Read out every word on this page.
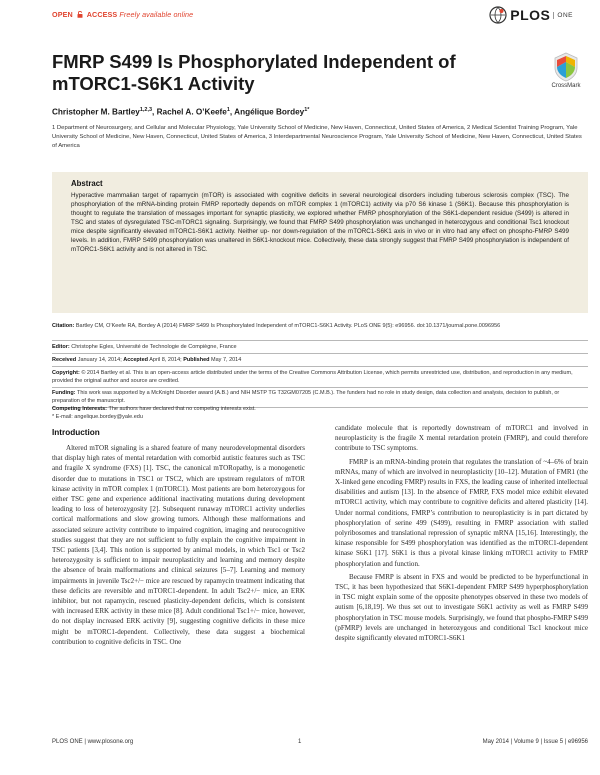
OPEN ACCESS Freely available online	PLOS	ONE
FMRP S499 Is Phosphorylated Independent of mTORC1-S6K1 Activity	CrossMark
Christopher M. Bartley$^{1,2,3}$, Rachel A. O’Keefe$^1$, Angélique Bordey$^{1*}$
1 Department of Neurosurgery, and Cellular and Molecular Physiology, Yale University School of Medicine, New Haven, Connecticut, United States of America, 2 Medical Scientist Training Program, Yale University School of Medicine, New Haven, Connecticut, United States of America, 3 Interdepartmental Neuroscience Program, Yale University School of Medicine, New Haven, Connecticut, United States of America
Abstract
Hyperactive mammalian target of rapamycin (mTOR) is associated with cognitive deficits in several neurological disorders including tuberous sclerosis complex (TSC). The phosphorylation of the mRNA-binding protein FMRP reportedly depends on mTOR complex 1 (mTORC1) activity via p70 S6 kinase 1 (S6K1). Because this phosphorylation is thought to regulate the translation of messages important for synaptic plasticity, we explored whether FMRP phosphorylation of the S6K1-dependent residue (S499) is altered in TSC and states of dysregulated TSC-mTORC1 signaling. Surprisingly, we found that FMRP S499 phosphorylation was unchanged in heterozygous and conditional Tsc1 knockout mice despite significantly elevated mTORC1-S6K1 activity. Neither up- nor down-regulation of the mTORC1-S6K1 axis in vivo or in vitro had any effect on phospho-FMRP S499 levels. In addition, FMRP S499 phosphorylation was unaltered in S6K1-knockout mice. Collectively, these data strongly suggest that FMRP S499 phosphorylation is independent of mTORC1-S6K1 activity and is not altered in TSC.
Citation: Bartley CM, O’Keefe RA, Bordey A (2014) FMRP S499 Is Phosphorylated Independent of mTORC1-S6K1 Activity. PLoS ONE 9(5): e96956. doi:10.1371/journal.pone.0096956
Editor: Christophe Egles, Université de Technologie de Compiègne, France
Received January 14, 2014; Accepted April 8, 2014; Published May 7, 2014
Copyright: © 2014 Bartley et al. This is an open-access article distributed under the terms of the Creative Commons Attribution License, which permits unrestricted use, distribution, and reproduction in any medium, provided the original author and source are credited.
Funding: This work was supported by a McKnight Disorder award (A.B.) and NIH MSTP TG T32GM07205 (C.M.B.). The funders had no role in study design, data collection and analysis, decision to publish, or preparation of the manuscript.
Competing Interests: The authors have declared that no competing interests exist.
* E-mail: angelique.bordey@yale.edu
Introduction

Altered mTOR signaling is a shared feature of many neurodevelopmental disorders that display high rates of mental retardation with comorbid autistic features such as TSC and fragile X syndrome (FXS) [1]. TSC, the canonical mTORopathy, is a monogenetic disorder due to mutations in TSC1 or TSC2, which are upstream regulators of mTOR kinase activity in mTOR complex 1 (mTORC1). Most patients are born heterozygous for either TSC gene and experience additional inactivating mutations during development leading to loss of heterozygosity [2]. Subsequent runaway mTORC1 activity underlies cortical malformations and slow growing tumors. Although these malformations and associated seizure activity contribute to impaired cognition, imaging and neurocognitive studies suggest that they are not sufficient to fully explain the cognitive impairment in TSC patients [3,4]. This notion is supported by animal models, in which Tsc1 or Tsc2 heterozygosity is sufficient to impair neuroplasticity and learning and memory despite the absence of brain malformations and clinical seizures [5–7]. Learning and memory impairments in juvenile Tsc2+/− mice are rescued by rapamycin treatment indicating that these deficits are reversible and mTORC1-dependent. In adult Tsc2+/− mice, an ERK inhibitor, but not rapamycin, rescued plasticity-dependent deficits, which is consistent with increased ERK activity in these mice [8]. Adult conditional Tsc1+/− mice, however, do not display increased ERK activity [9], suggesting cognitive deficits in these mice might be mTORC1-dependent. Collectively, these data suggest a biochemical contribution to cognitive deficits in TSC. One

candidate molecule that is reportedly downstream of mTORC1 and involved in neuroplasticity is the fragile X mental retardation protein (FMRP), and could therefore contribute to TSC symptoms.

FMRP is an mRNA-binding protein that regulates the translation of ~4–6% of brain mRNAs, many of which are involved in neuroplasticity [10–12]. Mutation of FMR1 (the X-linked gene encoding FMRP) results in FXS, the leading cause of inherited intellectual disabilities and autism [13]. In the absence of FMRP, FXS model mice exhibit elevated mTORC1 activity, which may contribute to cognitive deficits and altered plasticity [14]. Under normal conditions, FMRP’s contribution to neuroplasticity is in part dictated by phosphorylation of serine 499 (S499), resulting in FMRP association with stalled polyribosomes and translational repression of synaptic mRNA [15,16]. Interestingly, the kinase responsible for S499 phosphorylation was identified as the mTORC1-dependent kinase S6K1 [17]. S6K1 is thus a pivotal kinase linking mTORC1 activity to FMRP phosphorylation and function.

Because FMRP is absent in FXS and would be predicted to be hyperfunctional in TSC, it has been hypothesized that S6K1-dependent FMRP S499 hyperphosphorylation in TSC might explain some of the opposite phenotypes observed in these two models of autism [6,18,19]. We thus set out to investigate S6K1 activity as well as FMRP S499 phosphorylation in TSC mouse models. Surprisingly, we found that phospho-FMRP S499 (pFMRP) levels are unchanged in heterozygous and conditional Tsc1 knockout mice despite significantly elevated mTORC1-S6K1

PLOS ONE | www.plosone.org	1	May 2014 | Volume 9 | Issue 5 | e96956
